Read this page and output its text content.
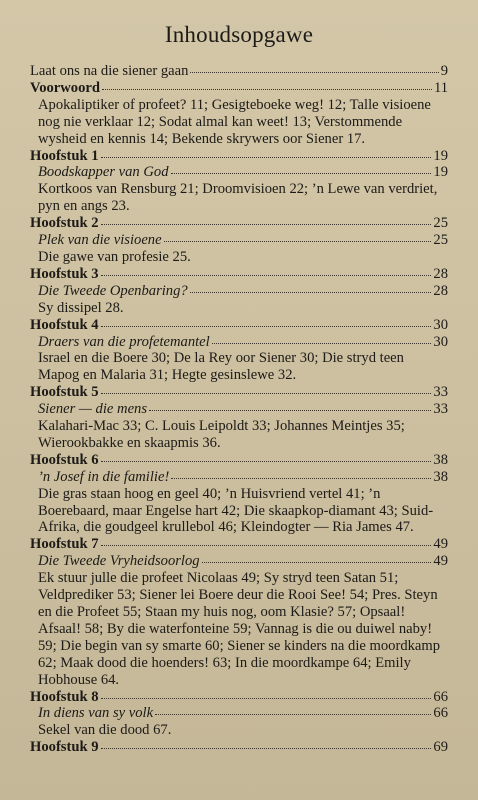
Inhoudsopgawe
Laat ons na die siener gaan	9
Voorwoord	11
Apokaliptiker of profeet? 11; Gesigteboeke weg! 12; Talle visioene nog nie verklaar 12; Sodat almal kan weet! 13; Verstommende wysheid en kennis 14; Bekende skrywers oor Siener 17.
Hoofstuk 1	19
Boodskapper van God	19
Kortkoos van Rensburg 21; Droomvisioen 22; ’n Lewe van verdriet, pyn en angs 23.
Hoofstuk 2	25
Plek van die visioene	25
Die gawe van profesie 25.
Hoofstuk 3	28
Die Tweede Openbaring?	28
Sy dissipel 28.
Hoofstuk 4	30
Draers van die profetemantel	30
Israel en die Boere 30; De la Rey oor Siener 30; Die stryd teen Mapog en Malaria 31; Hegte gesinslewe 32.
Hoofstuk 5	33
Siener — die mens	33
Kalahari-Mac 33; C. Louis Leipoldt 33; Johannes Meintjes 35; Wierookbakke en skaapmis 36.
Hoofstuk 6	38
’n Josef in die familie!	38
Die gras staan hoog en geel 40; ’n Huisvriend vertel 41; ’n Boerebaard, maar Engelse hart 42; Die skaapkop-diamant 43; Suid-Afrika, die goudgeel krullebol 46; Kleindogter — Ria James 47.
Hoofstuk 7	49
Die Tweede Vryheidsoorlog	49
Ek stuur julle die profeet Nicolaas 49; Sy stryd teen Satan 51; Veldprediker 53; Siener lei Boere deur die Rooi See! 54; Pres. Steyn en die Profeet 55; Staan my huis nog, oom Klasie? 57; Opsaal! Afsaal! 58; By die waterfonteine 59; Vannag is die ou duiwel naby! 59; Die begin van sy smarte 60; Siener se kinders na die moordkamp 62; Maak dood die hoenders! 63; In die moordkampe 64; Emily Hobhouse 64.
Hoofstuk 8	66
In diens van sy volk	66
Sekel van die dood 67.
Hoofstuk 9	69
